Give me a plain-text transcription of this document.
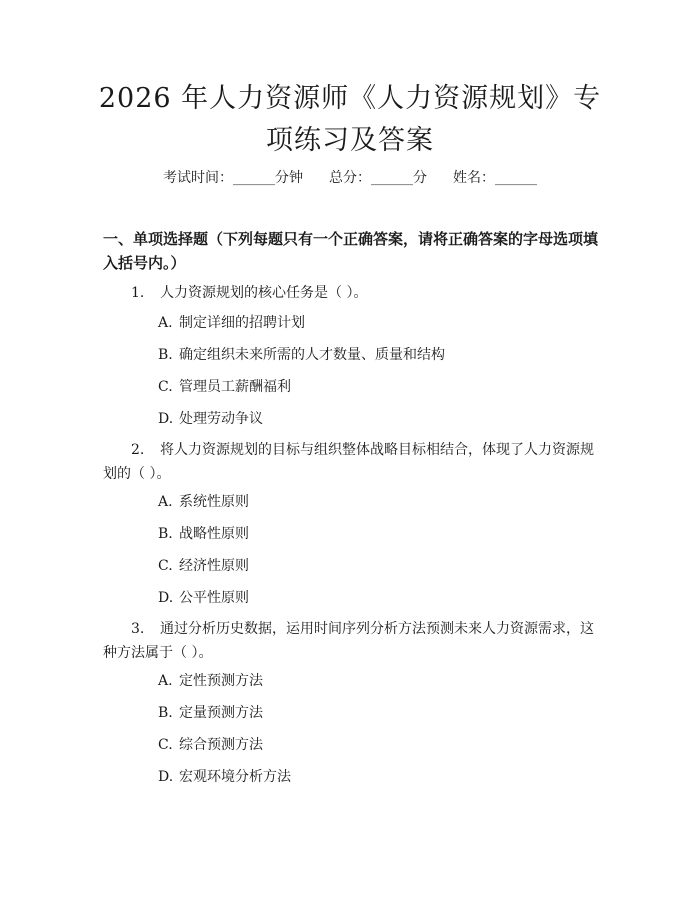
2026 年人力资源师《人力资源规划》专项练习及答案
考试时间：______分钟 总分：______分 姓名：______
一、单项选择题（下列每题只有一个正确答案，请将正确答案的字母选项填入括号内。）
1. 人力资源规划的核心任务是（ ）。
A. 制定详细的招聘计划
B. 确定组织未来所需的人才数量、质量和结构
C. 管理员工薪酬福利
D. 处理劳动争议
2. 将人力资源规划的目标与组织整体战略目标相结合，体现了人力资源规划的（ ）。
A. 系统性原则
B. 战略性原则
C. 经济性原则
D. 公平性原则
3. 通过分析历史数据，运用时间序列分析方法预测未来人力资源需求，这种方法属于（ ）。
A. 定性预测方法
B. 定量预测方法
C. 综合预测方法
D. 宏观环境分析方法
